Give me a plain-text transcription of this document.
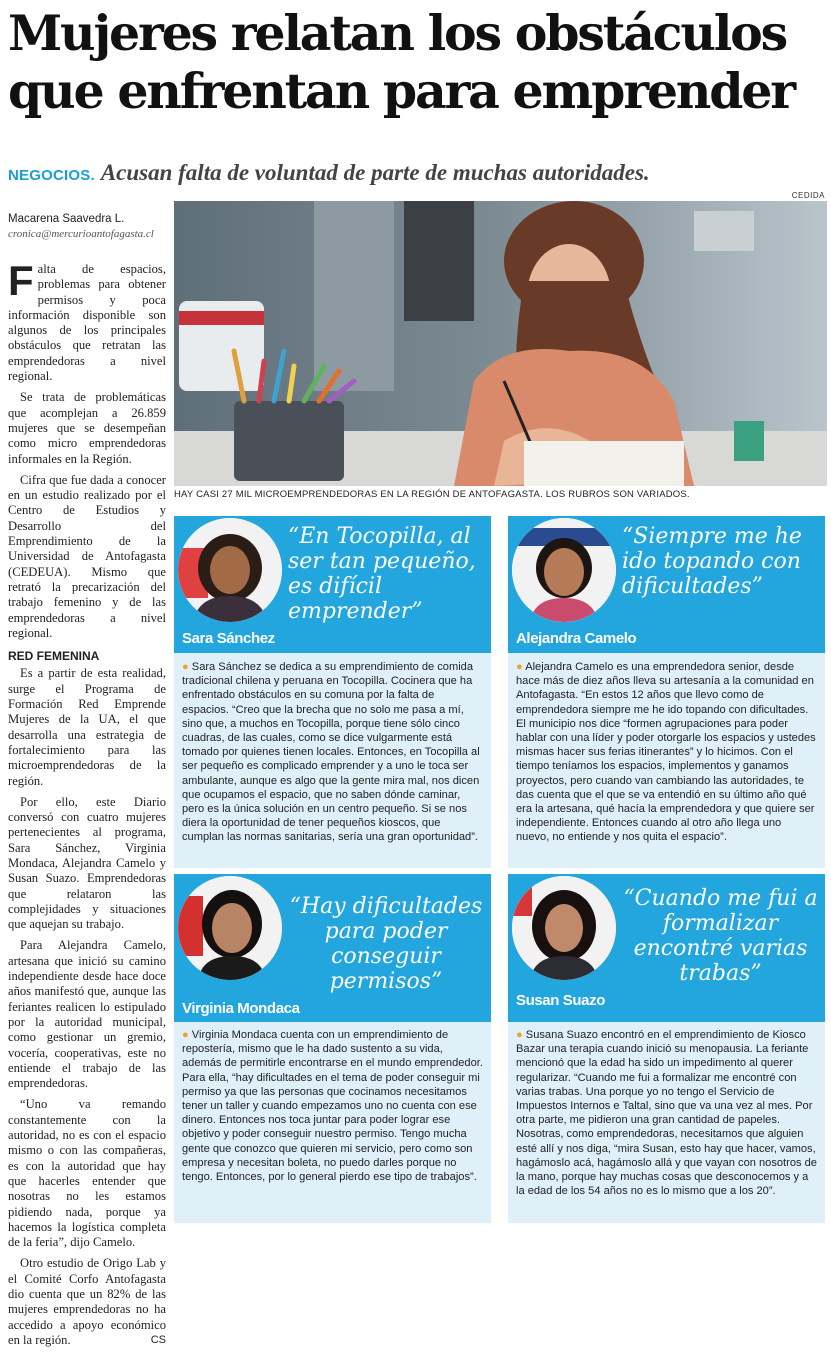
Mujeres relatan los obstáculos
que enfrentan para emprender
NEGOCIOS. Acusan falta de voluntad de parte de muchas autoridades.
CEDIDA
Macarena Saavedra L.
cronica@mercurioantofagasta.cl

Falta de espacios, problemas para obtener permisos y poca información disponible son algunos de los principales obstáculos que retratan las emprendedoras a nivel regional.

Se trata de problemáticas que acomplejan a 26.859 mujeres que se desempeñan como micro emprendedoras informales en la Región.

Cifra que fue dada a conocer en un estudio realizado por el Centro de Estudios y Desarrollo del Emprendimiento de la Universidad de Antofagasta (CEDEUA). Mismo que retrató la precarización del trabajo femenino y de las emprendedoras a nivel regional.

RED FEMENINA

Es a partir de esta realidad, surge el Programa de Formación Red Emprende Mujeres de la UA, el que desarrolla una estrategia de fortalecimiento para las microemprendedoras de la región.

Por ello, este Diario conversó con cuatro mujeres pertenecientes al programa, Sara Sánchez, Virginia Mondaca, Alejandra Camelo y Susan Suazo. Emprendedoras que relataron las complejidades y situaciones que aquejan su trabajo.

Para Alejandra Camelo, artesana que inició su camino independiente desde hace doce años manifestó que, aunque las feriantes realicen lo estipulado por la autoridad municipal, como gestionar un gremio, vocería, cooperativas, este no entiende el trabajo de las emprendedoras.

“Uno va remando constantemente con la autoridad, no es con el espacio mismo o con las compañeras, es con la autoridad que hay que hacerles entender que nosotras no les estamos pidiendo nada, porque ya hacemos la logística completa de la feria”, dijo Camelo.

Otro estudio de Origo Lab y el Comité Corfo Antofagasta dio cuenta que un 82% de las mujeres emprendedoras no ha accedido a apoyo económico en la región.	CS

HAY CASI 27 MIL MICROEMPRENDEDORAS EN LA REGIÓN DE ANTOFAGASTA. LOS RUBROS SON VARIADOS.
“En Tocopilla, al ser tan pequeño, es difícil emprender”
Sara Sánchez
● Sara Sánchez se dedica a su emprendimiento de comida tradicional chilena y peruana en Tocopilla. Cocinera que ha enfrentado obstáculos en su comuna por la falta de espacios. “Creo que la brecha que no solo me pasa a mí, sino que, a muchos en Tocopilla, porque tiene sólo cinco cuadras, de las cuales, como se dice vulgarmente está tomado por quienes tienen locales. Entonces, en Tocopilla al ser pequeño es complicado emprender y a uno le toca ser ambulante, aunque es algo que la gente mira mal, nos dicen que ocupamos el espacio, que no saben dónde caminar, pero es la única solución en un centro pequeño. Si se nos diera la oportunidad de tener pequeños kioscos, que cumplan las normas sanitarias, sería una gran oportunidad”.
“Siempre me he ido topando con dificultades”
Alejandra Camelo
● Alejandra Camelo es una emprendedora senior, desde hace más de diez años lleva su artesanía a la comunidad en Antofagasta. “En estos 12 años que llevo como de emprendedora siempre me he ido topando con dificultades. El municipio nos dice “formen agrupaciones para poder hablar con una líder y poder otorgarle los espacios y ustedes mismas hacer sus ferias itinerantes” y lo hicimos. Con el tiempo teníamos los espacios, implementos y ganamos proyectos, pero cuando van cambiando las autoridades, te das cuenta que el que se va entendió en su último año qué era la artesana, qué hacía la emprendedora y que quiere ser independiente. Entonces cuando al otro año llega uno nuevo, no entiende y nos quita el espacio”.
“Hay dificultades para poder conseguir permisos”
Virginia Mondaca
● Virginia Mondaca cuenta con un emprendimiento de repostería, mismo que le ha dado sustento a su vida, además de permitirle encontrarse en el mundo emprendedor. Para ella, “hay dificultades en el tema de poder conseguir mi permiso ya que las personas que cocinamos necesitamos tener un taller y cuando empezamos uno no cuenta con ese dinero. Entonces nos toca juntar para poder lograr ese objetivo y poder conseguir nuestro permiso. Tengo mucha gente que conozco que quieren mi servicio, pero como son empresa y necesitan boleta, no puedo darles porque no tengo. Entonces, por lo general pierdo ese tipo de trabajos”.
“Cuando me fui a formalizar encontré varias trabas”
Susan Suazo
● Susana Suazo encontró en el emprendimiento de Kiosco Bazar una terapia cuando inició su menopausia. La feriante mencionó que la edad ha sido un impedimento al querer regularizar. “Cuando me fui a formalizar me encontré con varias trabas. Una porque yo no tengo el Servicio de Impuestos Internos e Taltal, sino que va una vez al mes. Por otra parte, me pidieron una gran cantidad de papeles. Nosotras, como emprendedoras, necesitamos que alguien esté allí y nos diga, “mira Susan, esto hay que hacer, vamos, hagámoslo acá, hagámoslo allá y que vayan con nosotros de la mano, porque hay muchas cosas que desconocemos y a la edad de los 54 años no es lo mismo que a los 20”.
